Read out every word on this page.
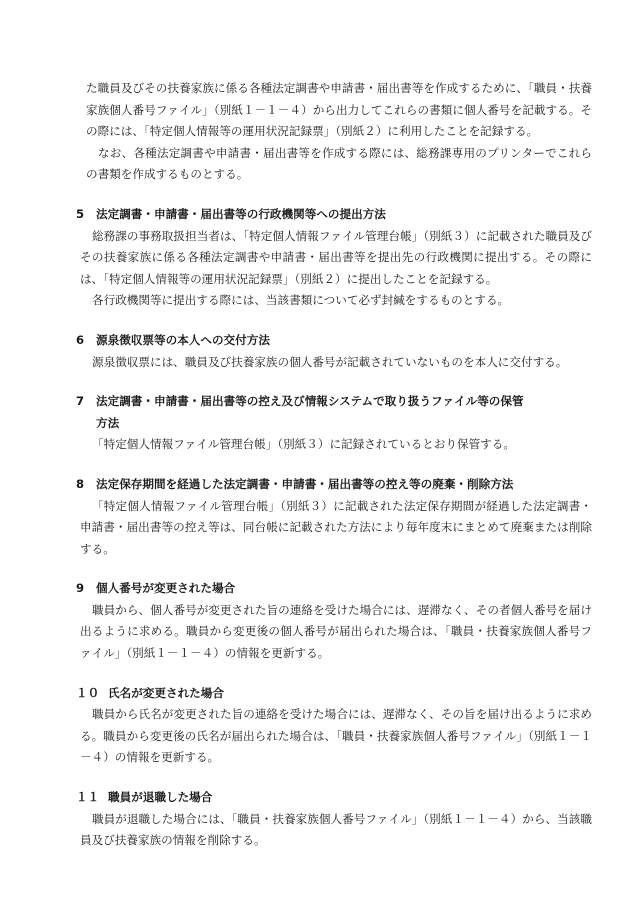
た職員及びその扶養家族に係る各種法定調書や申請書・届出書等を作成するために、「職員・扶養家族個人番号ファイル」（別紙１－１－４）から出力してこれらの書類に個人番号を記載する。その際には、「特定個人情報等の運用状況記録票」（別紙２）に利用したことを記録する。

なお、各種法定調書や申請書・届出書等を作成する際には、総務課専用のプリンターでこれらの書類を作成するものとする。

5	法定調書・申請書・届出書等の行政機関等への提出方法

総務課の事務取扱担当者は、「特定個人情報ファイル管理台帳」（別紙３）に記載された職員及びその扶養家族に係る各種法定調書や申請書・届出書等を提出先の行政機関に提出する。その際には、「特定個人情報等の運用状況記録票」（別紙２）に提出したことを記録する。

各行政機関等に提出する際には、当該書類について必ず封緘をするものとする。

6	源泉徴収票等の本人への交付方法

源泉徴収票には、職員及び扶養家族の個人番号が記載されていないものを本人に交付する。

7	法定調書・申請書・届出書等の控え及び情報システムで取り扱うファイル等の保管
方法

「特定個人情報ファイル管理台帳」（別紙３）に記録されているとおり保管する。

8	法定保存期間を経過した法定調書・申請書・届出書等の控え等の廃棄・削除方法

「特定個人情報ファイル管理台帳」（別紙３）に記載された法定保存期間が経過した法定調書・申請書・届出書等の控え等は、同台帳に記載された方法により毎年度末にまとめて廃棄または削除する。

9	個人番号が変更された場合

職員から、個人番号が変更された旨の連絡を受けた場合には、遅滞なく、その者個人番号を届け出るように求める。職員から変更後の個人番号が届出られた場合は、「職員・扶養家族個人番号ファイル」（別紙１－１－４）の情報を更新する。

１０ 氏名が変更された場合

職員から氏名が変更された旨の連絡を受けた場合には、遅滞なく、その旨を届け出るように求める。職員から変更後の氏名が届出られた場合は、「職員・扶養家族個人番号ファイル」（別紙１－１－４）の情報を更新する。

１１ 職員が退職した場合

職員が退職した場合には、「職員・扶養家族個人番号ファイル」（別紙１－１－４）から、当該職員及び扶養家族の情報を削除する。
